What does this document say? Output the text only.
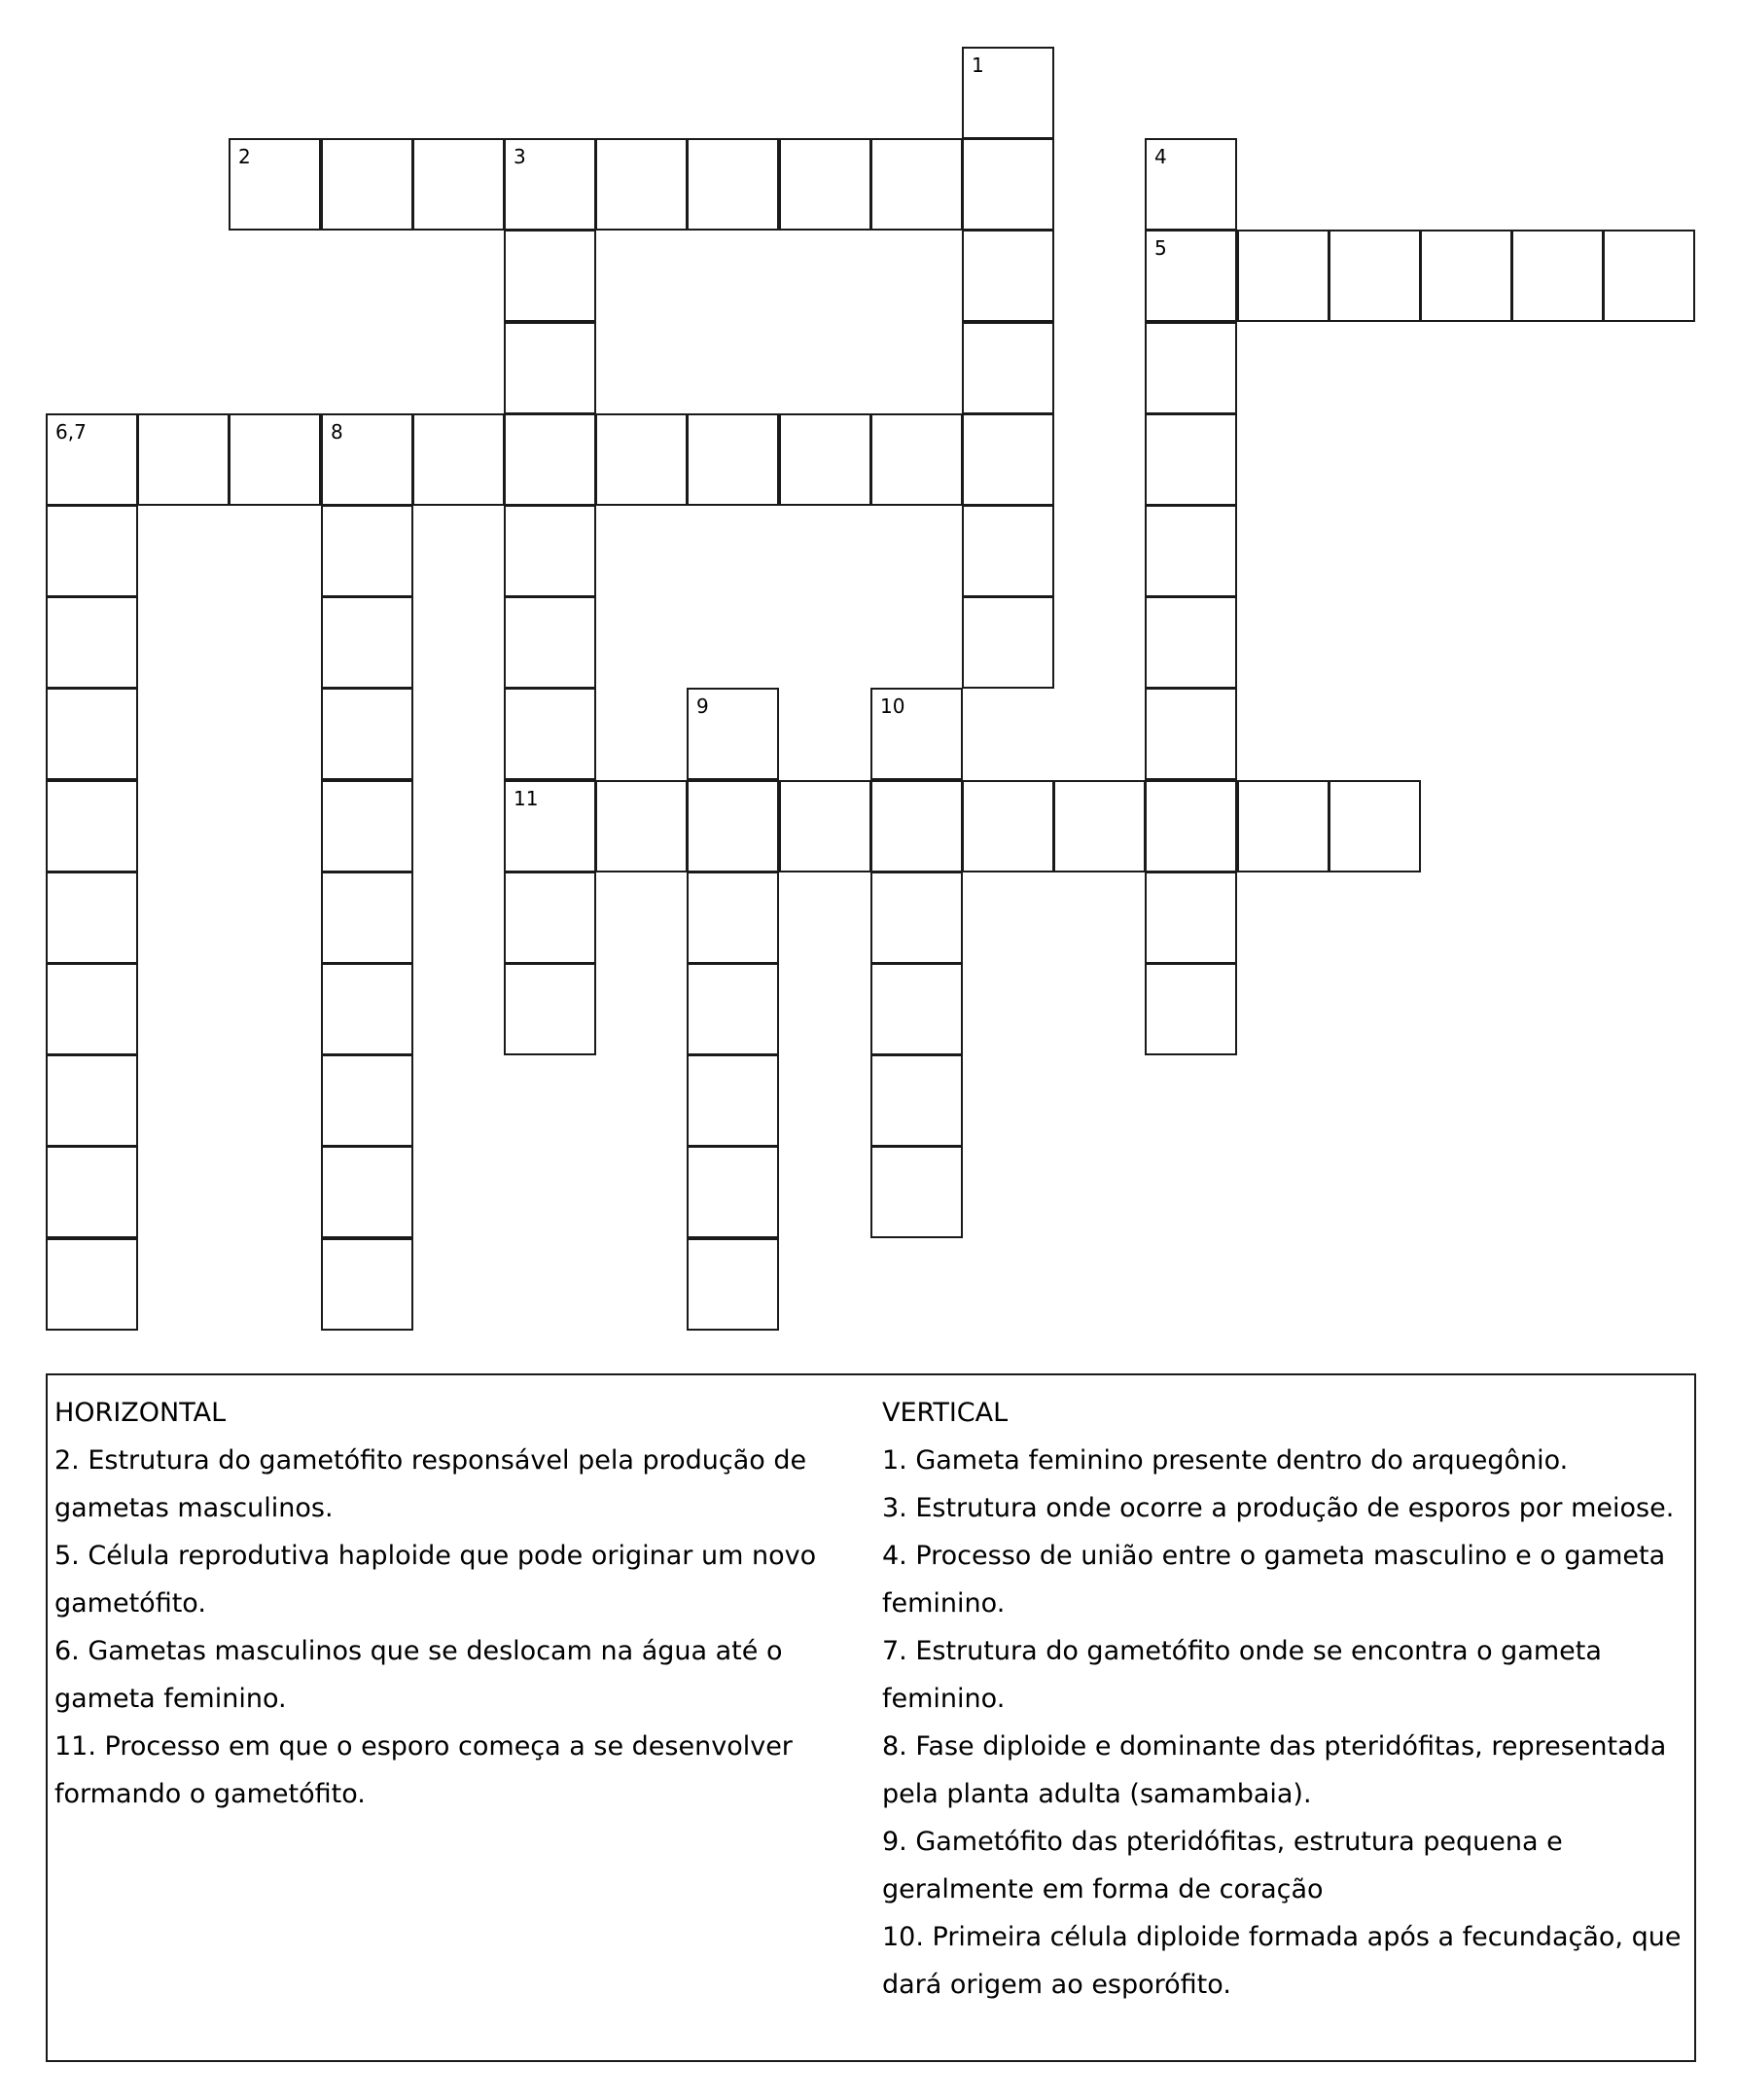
1
2	3	4
5
6,7	8
9	10
11
HORIZONTAL
2. Estrutura do gametófito responsável pela produção de
gametas masculinos.
5. Célula reprodutiva haploide que pode originar um novo
gametófito.
6. Gametas masculinos que se deslocam na água até o
gameta feminino.
11. Processo em que o esporo começa a se desenvolver
formando o gametófito.
VERTICAL
1. Gameta feminino presente dentro do arquegônio.
3. Estrutura onde ocorre a produção de esporos por meiose.
4. Processo de união entre o gameta masculino e o gameta
feminino.
7. Estrutura do gametófito onde se encontra o gameta
feminino.
8. Fase diploide e dominante das pteridófitas, representada
pela planta adulta (samambaia).
9. Gametófito das pteridófitas, estrutura pequena e
geralmente em forma de coração
10. Primeira célula diploide formada após a fecundação, que
dará origem ao esporófito.
